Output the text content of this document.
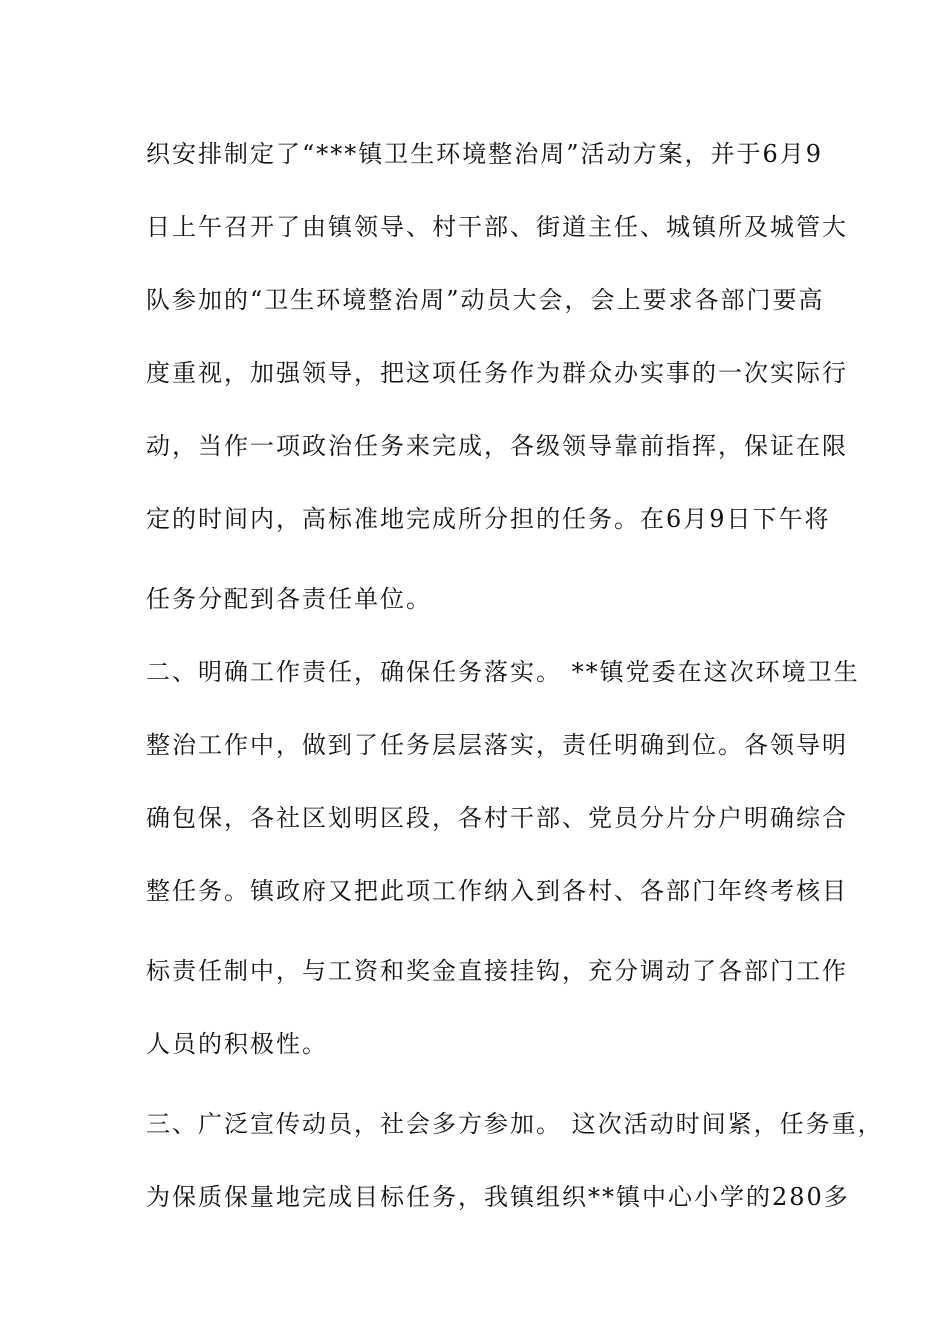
织安排制定了“***镇卫生环境整治周”活动方案，并于6月9
日上午召开了由镇领导、村干部、街道主任、城镇所及城管大
队参加的“卫生环境整治周”动员大会，会上要求各部门要高
度重视，加强领导，把这项任务作为群众办实事的一次实际行
动，当作一项政治任务来完成，各级领导靠前指挥，保证在限
定的时间内，高标准地完成所分担的任务。在6月9日下午将
任务分配到各责任单位。
二、明确工作责任，确保任务落实。 **镇党委在这次环境卫生
整治工作中，做到了任务层层落实，责任明确到位。各领导明
确包保，各社区划明区段，各村干部、党员分片分户明确综合
整任务。镇政府又把此项工作纳入到各村、各部门年终考核目
标责任制中，与工资和奖金直接挂钩，充分调动了各部门工作
人员的积极性。
三、广泛宣传动员，社会多方参加。 这次活动时间紧，任务重，
为保质保量地完成目标任务，我镇组织**镇中心小学的280多
